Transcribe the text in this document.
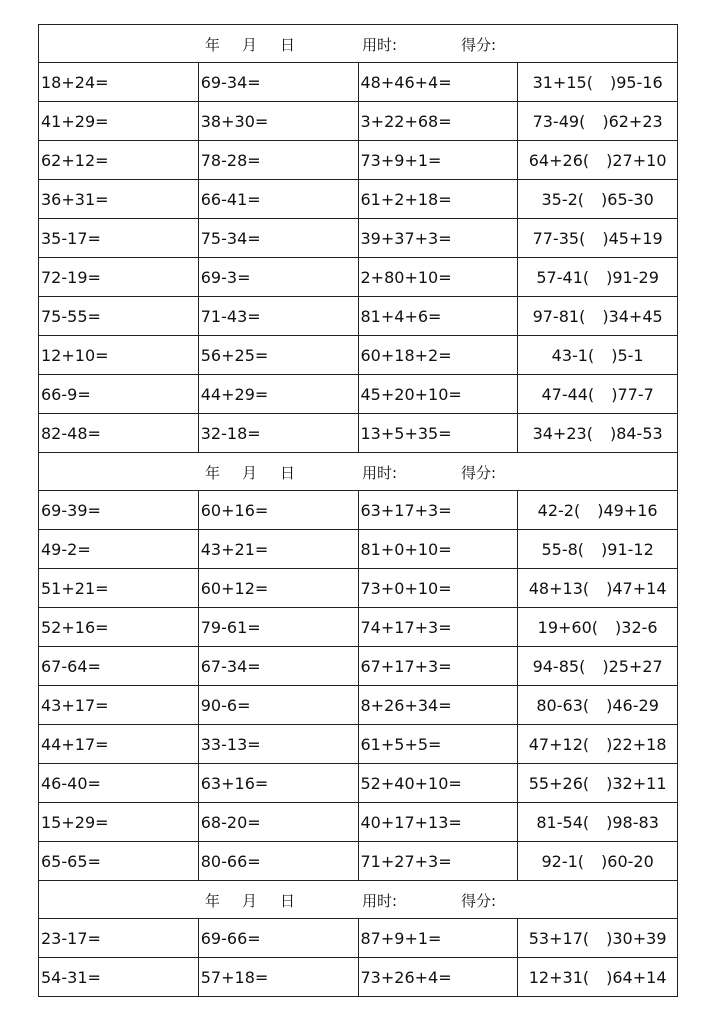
年 月 日 用时: 得分:			

18+24=	69-34=	48+46+4=	31+15( )95-16
41+29=	38+30=	3+22+68=	73-49( )62+23
62+12=	78-28=	73+9+1=	64+26( )27+10
36+31=	66-41=	61+2+18=	35-2( )65-30
35-17=	75-34=	39+37+3=	77-35( )45+19
72-19=	69-3=	2+80+10=	57-41( )91-29
75-55=	71-43=	81+4+6=	97-81( )34+45
12+10=	56+25=	60+18+2=	43-1( )5-1
66-9=	44+29=	45+20+10=	47-44( )77-7
82-48=	32-18=	13+5+35=	34+23( )84-53

年 月 日 用时: 得分:			

69-39=	60+16=	63+17+3=	42-2( )49+16
49-2=	43+21=	81+0+10=	55-8( )91-12
51+21=	60+12=	73+0+10=	48+13( )47+14
52+16=	79-61=	74+17+3=	19+60( )32-6
67-64=	67-34=	67+17+3=	94-85( )25+27
43+17=	90-6=	8+26+34=	80-63( )46-29
44+17=	33-13=	61+5+5=	47+12( )22+18
46-40=	63+16=	52+40+10=	55+26( )32+11
15+29=	68-20=	40+17+13=	81-54( )98-83
65-65=	80-66=	71+27+3=	92-1( )60-20

年 月 日 用时: 得分:			

23-17=	69-66=	87+9+1=	53+17( )30+39
54-31=	57+18=	73+26+4=	12+31( )64+14
